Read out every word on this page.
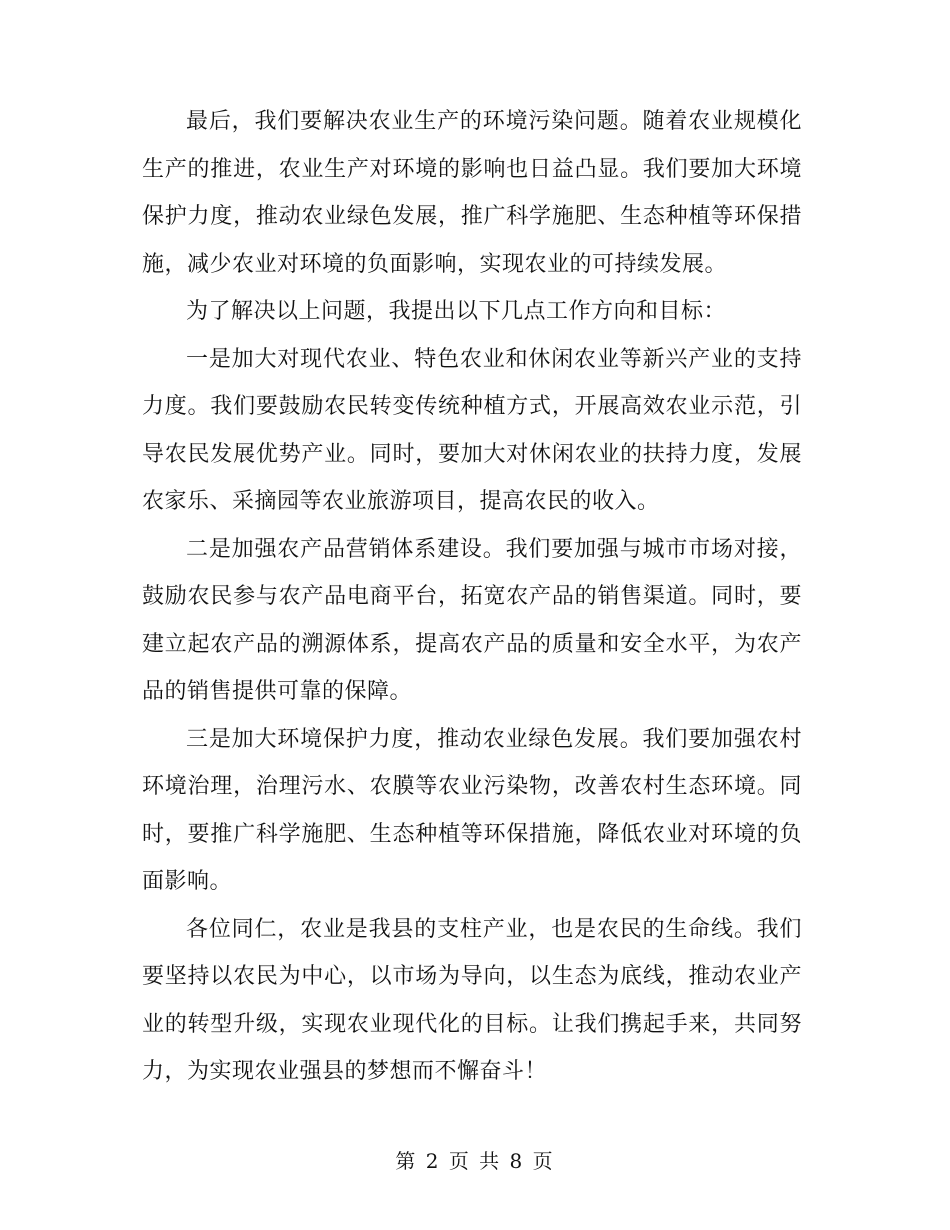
最后，我们要解决农业生产的环境污染问题。随着农业规模化生产的推进，农业生产对环境的影响也日益凸显。我们要加大环境保护力度，推动农业绿色发展，推广科学施肥、生态种植等环保措施，减少农业对环境的负面影响，实现农业的可持续发展。

为了解决以上问题，我提出以下几点工作方向和目标：

一是加大对现代农业、特色农业和休闲农业等新兴产业的支持力度。我们要鼓励农民转变传统种植方式，开展高效农业示范，引导农民发展优势产业。同时，要加大对休闲农业的扶持力度，发展农家乐、采摘园等农业旅游项目，提高农民的收入。

二是加强农产品营销体系建设。我们要加强与城市市场对接，鼓励农民参与农产品电商平台，拓宽农产品的销售渠道。同时，要建立起农产品的溯源体系，提高农产品的质量和安全水平，为农产品的销售提供可靠的保障。

三是加大环境保护力度，推动农业绿色发展。我们要加强农村环境治理，治理污水、农膜等农业污染物，改善农村生态环境。同时，要推广科学施肥、生态种植等环保措施，降低农业对环境的负面影响。

各位同仁，农业是我县的支柱产业，也是农民的生命线。我们要坚持以农民为中心，以市场为导向，以生态为底线，推动农业产业的转型升级，实现农业现代化的目标。让我们携起手来，共同努力，为实现农业强县的梦想而不懈奋斗！

第 2 页 共 8 页
